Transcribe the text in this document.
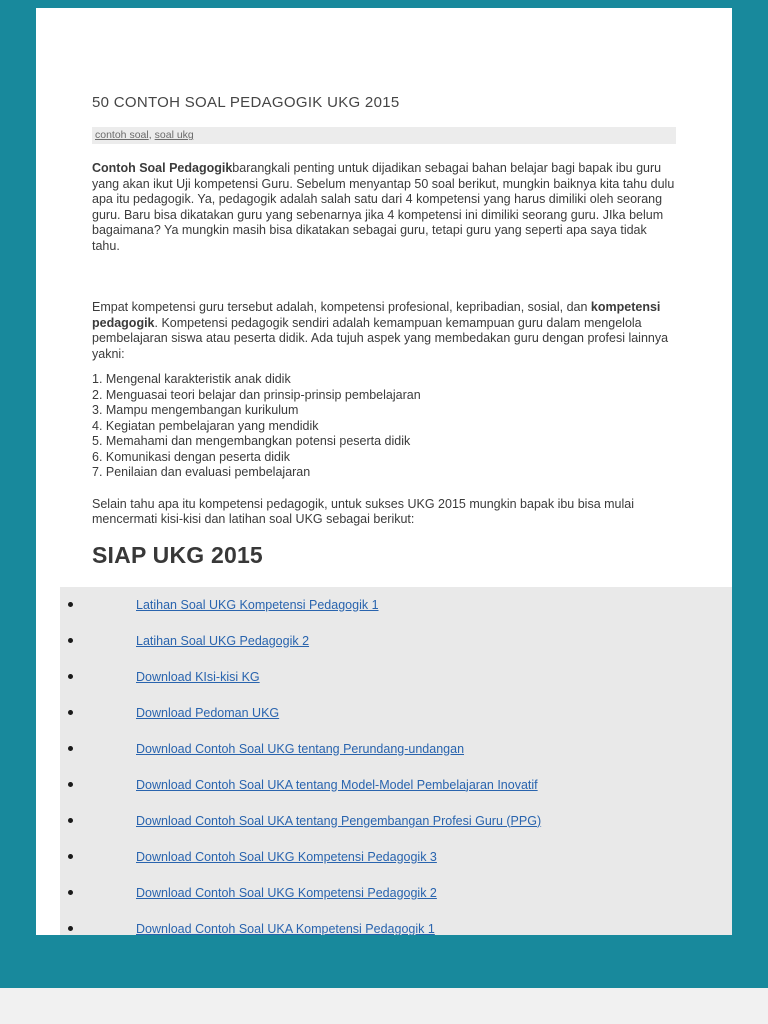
50 CONTOH SOAL PEDAGOGIK UKG 2015
contoh soal, soal ukg

Contoh Soal Pedagogikbarangkali penting untuk dijadikan sebagai bahan belajar bagi bapak ibu guru yang akan ikut Uji kompetensi Guru. Sebelum menyantap 50 soal berikut, mungkin baiknya kita tahu dulu apa itu pedagogik. Ya, pedagogik adalah salah satu dari 4 kompetensi yang harus dimiliki oleh seorang guru. Baru bisa dikatakan guru yang sebenarnya jika 4 kompetensi ini dimiliki seorang guru. JIka belum bagaimana? Ya mungkin masih bisa dikatakan sebagai guru, tetapi guru yang seperti apa saya tidak tahu.

Empat kompetensi guru tersebut adalah, kompetensi profesional, kepribadian, sosial, dan kompetensi pedagogik. Kompetensi pedagogik sendiri adalah kemampuan kemampuan guru dalam mengelola pembelajaran siswa atau peserta didik. Ada tujuh aspek yang membedakan guru dengan profesi lainnya yakni:

1. Mengenal karakteristik anak didik
2. Menguasai teori belajar dan prinsip-prinsip pembelajaran
3. Mampu mengembangan kurikulum
4. Kegiatan pembelajaran yang mendidik
5. Memahami dan mengembangkan potensi peserta didik
6. Komunikasi dengan peserta didik
7. Penilaian dan evaluasi pembelajaran

Selain tahu apa itu kompetensi pedagogik, untuk sukses UKG 2015 mungkin bapak ibu bisa mulai mencermati kisi-kisi dan latihan soal UKG sebagai berikut:

SIAP UKG 2015
Latihan Soal UKG Kompetensi Pedagogik 1
Latihan Soal UKG Pedagogik 2
Download KIsi-kisi KG
Download Pedoman UKG
Download Contoh Soal UKG tentang Perundang-undangan
Download Contoh Soal UKA tentang Model-Model Pembelajaran Inovatif
Download Contoh Soal UKA tentang Pengembangan Profesi Guru (PPG)
Download Contoh Soal UKG Kompetensi Pedagogik 3
Download Contoh Soal UKG Kompetensi Pedagogik 2
Download Contoh Soal UKA Kompetensi Pedagogik 1
